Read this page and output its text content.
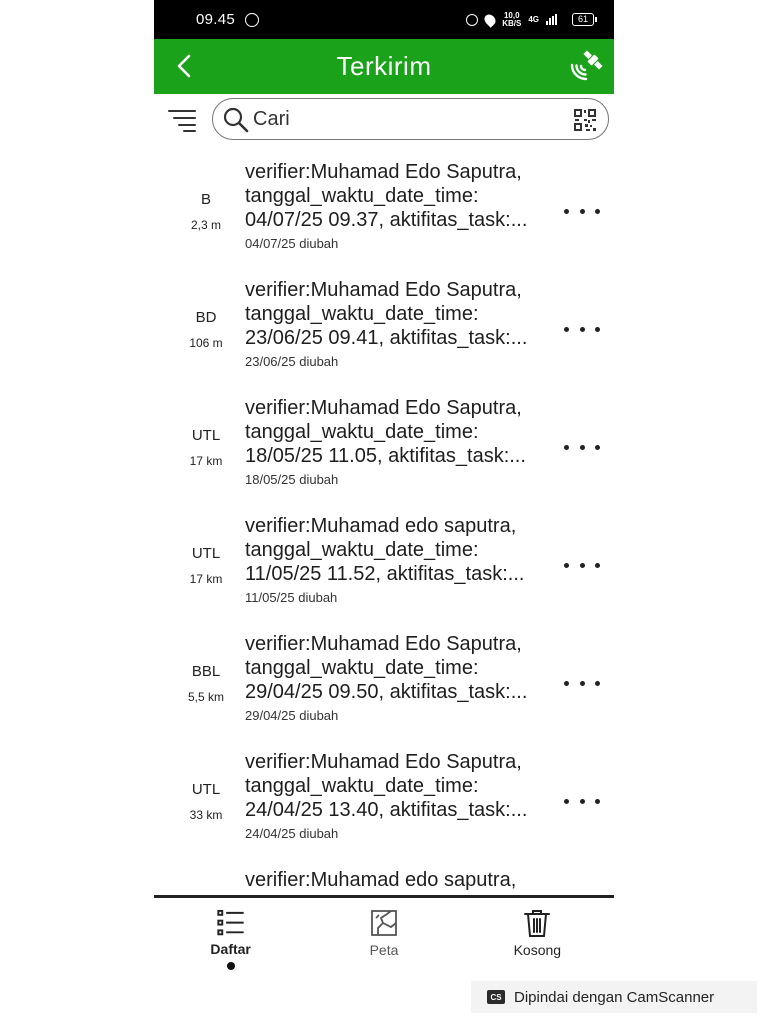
09.45	10,0
KB/S 4G	61
Terkirim
Cari
B
2,3 m
verifier:Muhamad Edo Saputra,
tanggal_waktu_date_time:
04/07/25 09.37, aktifitas_task:...
04/07/25 diubah
BD
106 m
verifier:Muhamad Edo Saputra,
tanggal_waktu_date_time:
23/06/25 09.41, aktifitas_task:...
23/06/25 diubah
UTL
17 km
verifier:Muhamad Edo Saputra,
tanggal_waktu_date_time:
18/05/25 11.05, aktifitas_task:...
18/05/25 diubah
UTL
17 km
verifier:Muhamad edo saputra,
tanggal_waktu_date_time:
11/05/25 11.52, aktifitas_task:...
11/05/25 diubah
BBL
5,5 km
verifier:Muhamad Edo Saputra,
tanggal_waktu_date_time:
29/04/25 09.50, aktifitas_task:...
29/04/25 diubah
UTL
33 km
verifier:Muhamad Edo Saputra,
tanggal_waktu_date_time:
24/04/25 13.40, aktifitas_task:...
24/04/25 diubah
verifier:Muhamad edo saputra,
Daftar	Peta	Kosong
CS Dipindai dengan CamScanner
